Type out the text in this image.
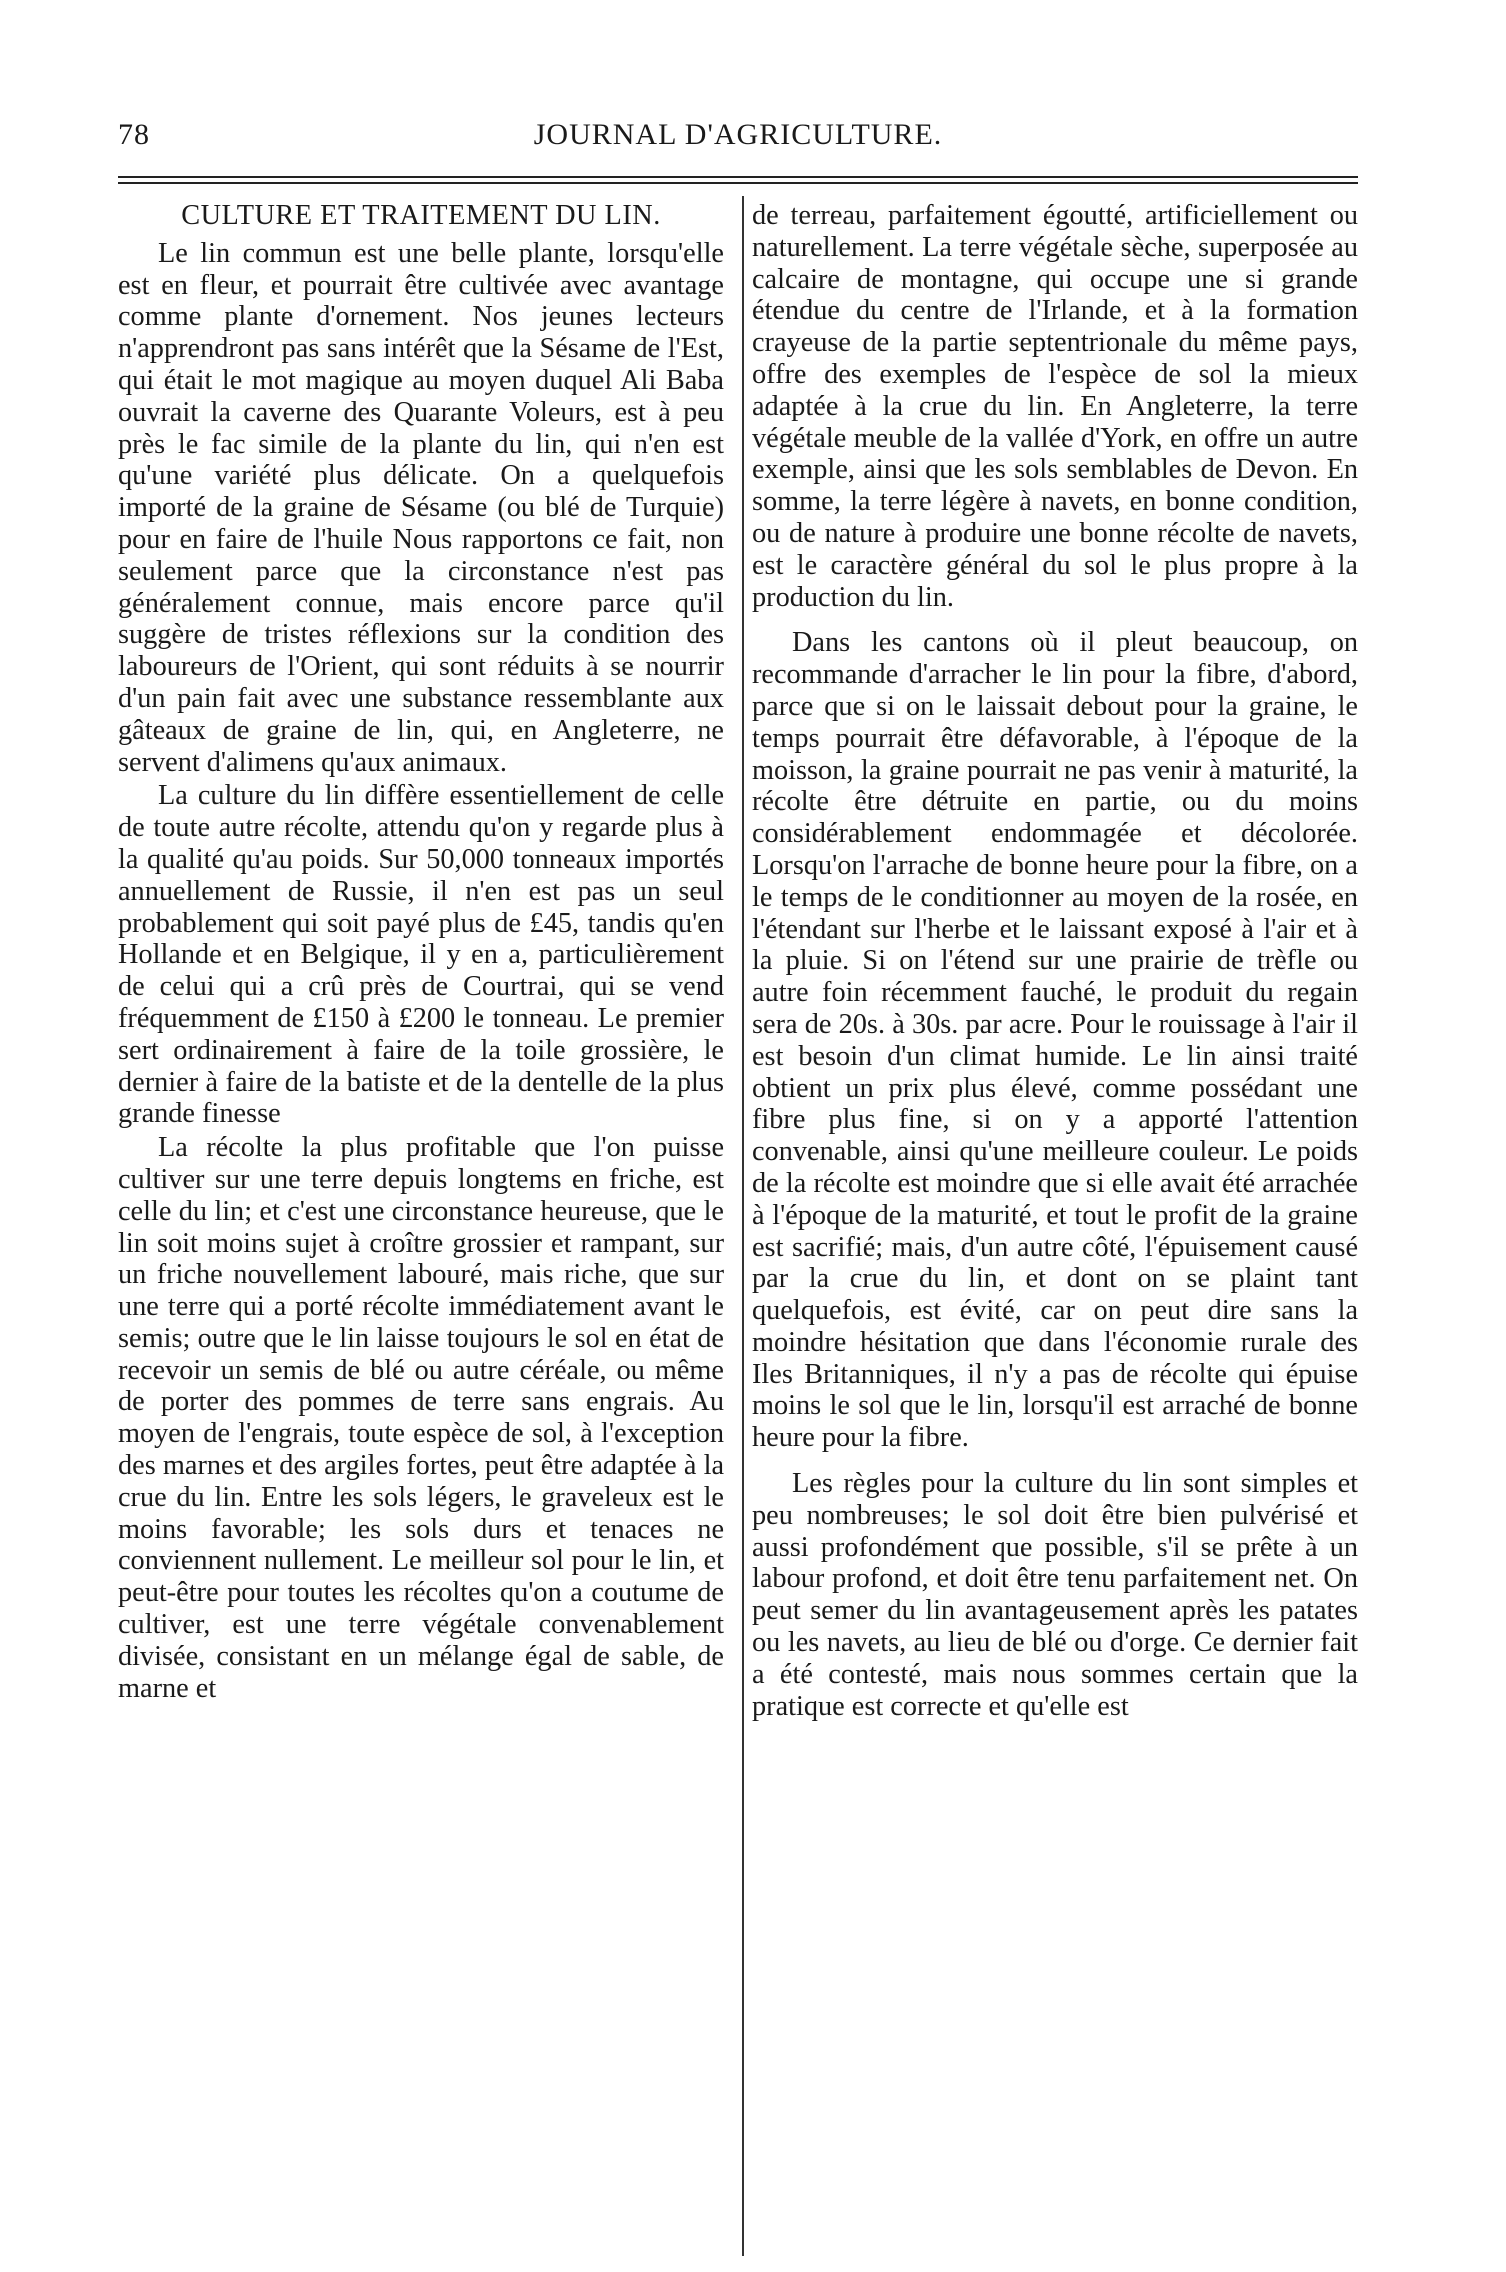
78	JOURNAL D'AGRICULTURE.
CULTURE ET TRAITEMENT DU LIN.

Le lin commun est une belle plante, lorsqu'elle est en fleur, et pourrait être cultivée avec avantage comme plante d'ornement. Nos jeunes lecteurs n'apprendront pas sans intérêt que la Sésame de l'Est, qui était le mot magique au moyen duquel Ali Baba ouvrait la caverne des Quarante Voleurs, est à peu près le fac simile de la plante du lin, qui n'en est qu'une variété plus délicate. On a quelquefois importé de la graine de Sésame (ou blé de Turquie) pour en faire de l'huile Nous rapportons ce fait, non seulement parce que la circonstance n'est pas généralement connue, mais encore parce qu'il suggère de tristes réflexions sur la condition des laboureurs de l'Orient, qui sont réduits à se nourrir d'un pain fait avec une substance ressemblante aux gâteaux de graine de lin, qui, en Angleterre, ne servent d'alimens qu'aux animaux.

La culture du lin diffère essentiellement de celle de toute autre récolte, attendu qu'on y regarde plus à la qualité qu'au poids. Sur 50,000 tonneaux importés annuellement de Russie, il n'en est pas un seul probablement qui soit payé plus de £45, tandis qu'en Hollande et en Belgique, il y en a, particulièrement de celui qui a crû près de Courtrai, qui se vend fréquemment de £150 à £200 le tonneau. Le premier sert ordinairement à faire de la toile grossière, le dernier à faire de la batiste et de la dentelle de la plus grande finesse

La récolte la plus profitable que l'on puisse cultiver sur une terre depuis longtems en friche, est celle du lin; et c'est une circonstance heureuse, que le lin soit moins sujet à croître grossier et rampant, sur un friche nouvellement labouré, mais riche, que sur une terre qui a porté récolte immédiatement avant le semis; outre que le lin laisse toujours le sol en état de recevoir un semis de blé ou autre céréale, ou même de porter des pommes de terre sans engrais. Au moyen de l'engrais, toute espèce de sol, à l'exception des marnes et des argiles fortes, peut être adaptée à la crue du lin. Entre les sols légers, le graveleux est le moins favorable; les sols durs et tenaces ne conviennent nullement. Le meilleur sol pour le lin, et peut-être pour toutes les récoltes qu'on a coutume de cultiver, est une terre végétale convenablement divisée, consistant en un mélange égal de sable, de marne et

de terreau, parfaitement égoutté, artificiellement ou naturellement. La terre végétale sèche, superposée au calcaire de montagne, qui occupe une si grande étendue du centre de l'Irlande, et à la formation crayeuse de la partie septentrionale du même pays, offre des exemples de l'espèce de sol la mieux adaptée à la crue du lin. En Angleterre, la terre végétale meuble de la vallée d'York, en offre un autre exemple, ainsi que les sols semblables de Devon. En somme, la terre légère à navets, en bonne condition, ou de nature à produire une bonne récolte de navets, est le caractère général du sol le plus propre à la production du lin.

Dans les cantons où il pleut beaucoup, on recommande d'arracher le lin pour la fibre, d'abord, parce que si on le laissait debout pour la graine, le temps pourrait être défavorable, à l'époque de la moisson, la graine pourrait ne pas venir à maturité, la récolte être détruite en partie, ou du moins considérablement endommagée et décolorée. Lorsqu'on l'arrache de bonne heure pour la fibre, on a le temps de le conditionner au moyen de la rosée, en l'étendant sur l'herbe et le laissant exposé à l'air et à la pluie. Si on l'étend sur une prairie de trèfle ou autre foin récemment fauché, le produit du regain sera de 20s. à 30s. par acre. Pour le rouissage à l'air il est besoin d'un climat humide. Le lin ainsi traité obtient un prix plus élevé, comme possédant une fibre plus fine, si on y a apporté l'attention convenable, ainsi qu'une meilleure couleur. Le poids de la récolte est moindre que si elle avait été arrachée à l'époque de la maturité, et tout le profit de la graine est sacrifié; mais, d'un autre côté, l'épuisement causé par la crue du lin, et dont on se plaint tant quelquefois, est évité, car on peut dire sans la moindre hésitation que dans l'économie rurale des Iles Britanniques, il n'y a pas de récolte qui épuise moins le sol que le lin, lorsqu'il est arraché de bonne heure pour la fibre.

Les règles pour la culture du lin sont simples et peu nombreuses; le sol doit être bien pulvérisé et aussi profondément que possible, s'il se prête à un labour profond, et doit être tenu parfaitement net. On peut semer du lin avantageusement après les patates ou les navets, au lieu de blé ou d'orge. Ce dernier fait a été contesté, mais nous sommes certain que la pratique est correcte et qu'elle est
